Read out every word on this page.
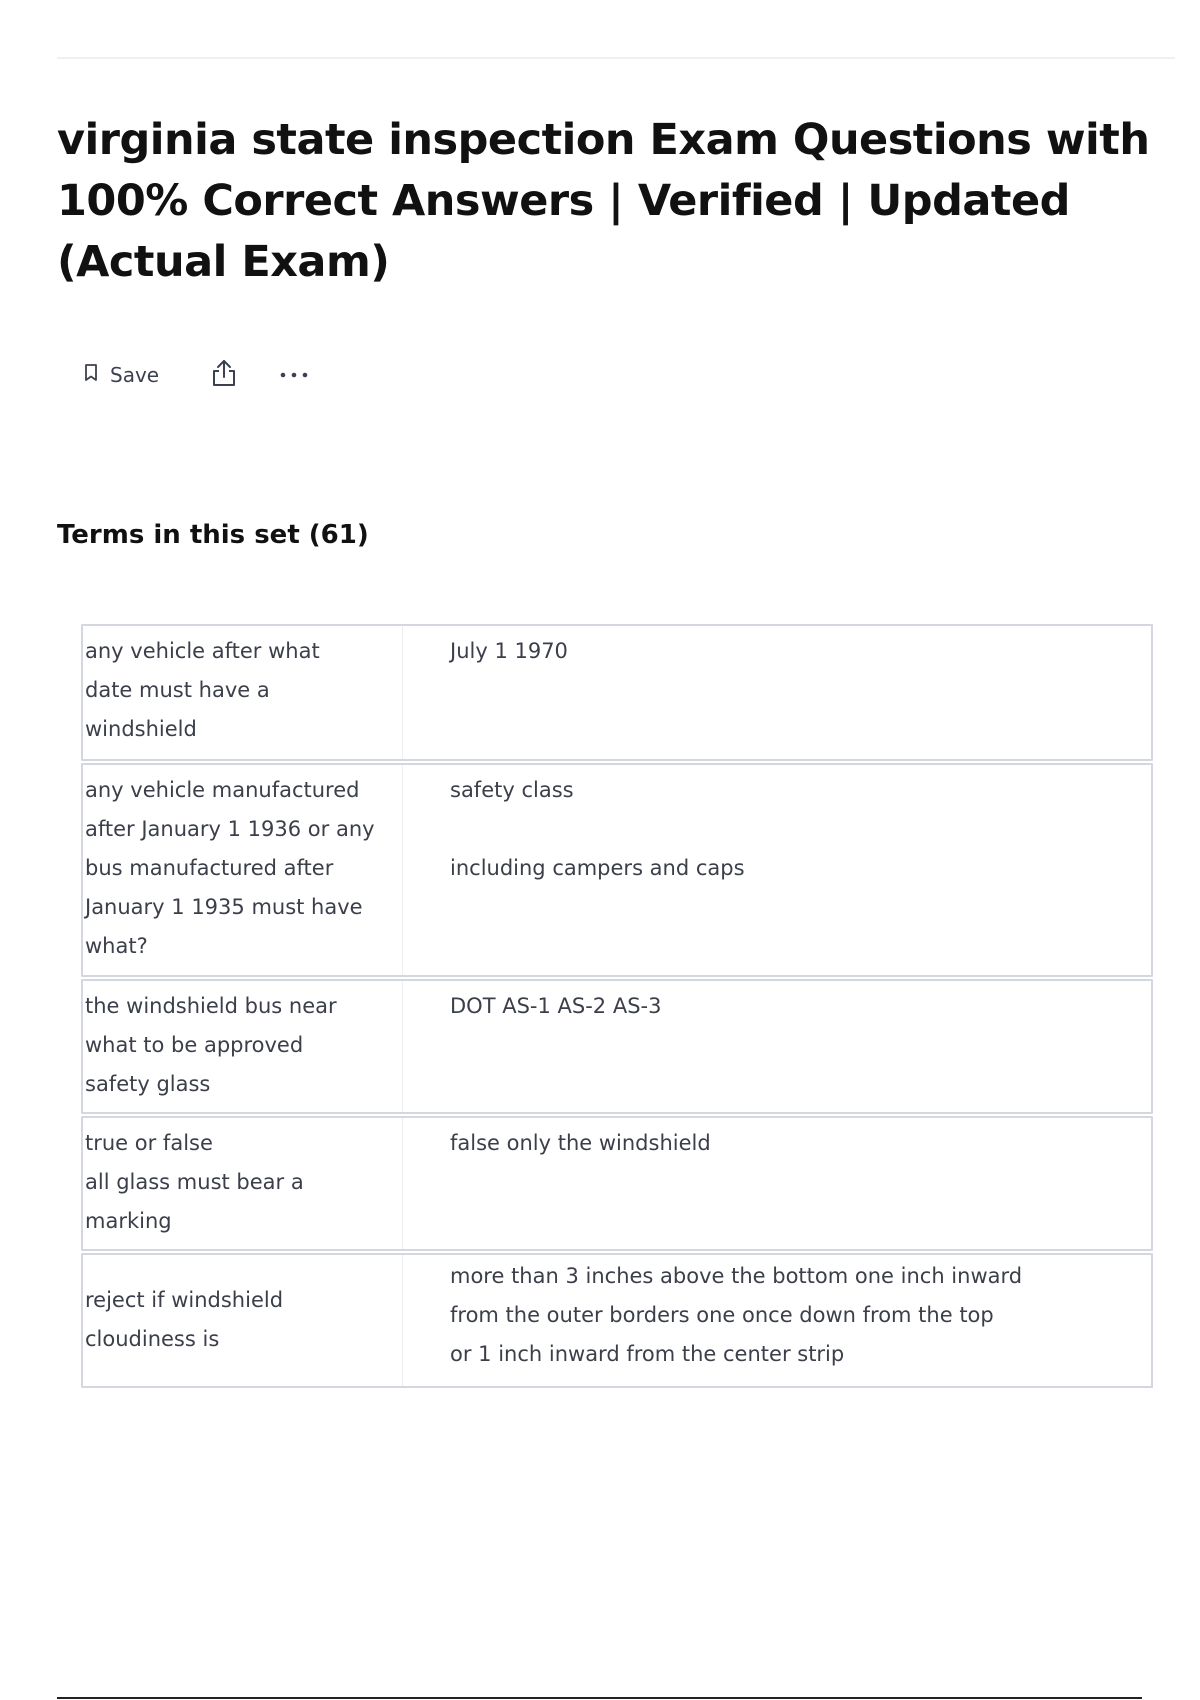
virginia state inspection Exam Questions with 100% Correct Answers | Verified | Updated (Actual Exam)
Save
Terms in this set (61)
any vehicle after what
date must have a
windshield
July 1 1970
any vehicle manufactured
after January 1 1936 or any
bus manufactured after
January 1 1935 must have
what?
safety class

including campers and caps
the windshield bus near
what to be approved
safety glass
DOT AS-1 AS-2 AS-3
true or false
all glass must bear a
marking
false only the windshield
reject if windshield
cloudiness is
more than 3 inches above the bottom one inch inward
from the outer borders one once down from the top
or 1 inch inward from the center strip
